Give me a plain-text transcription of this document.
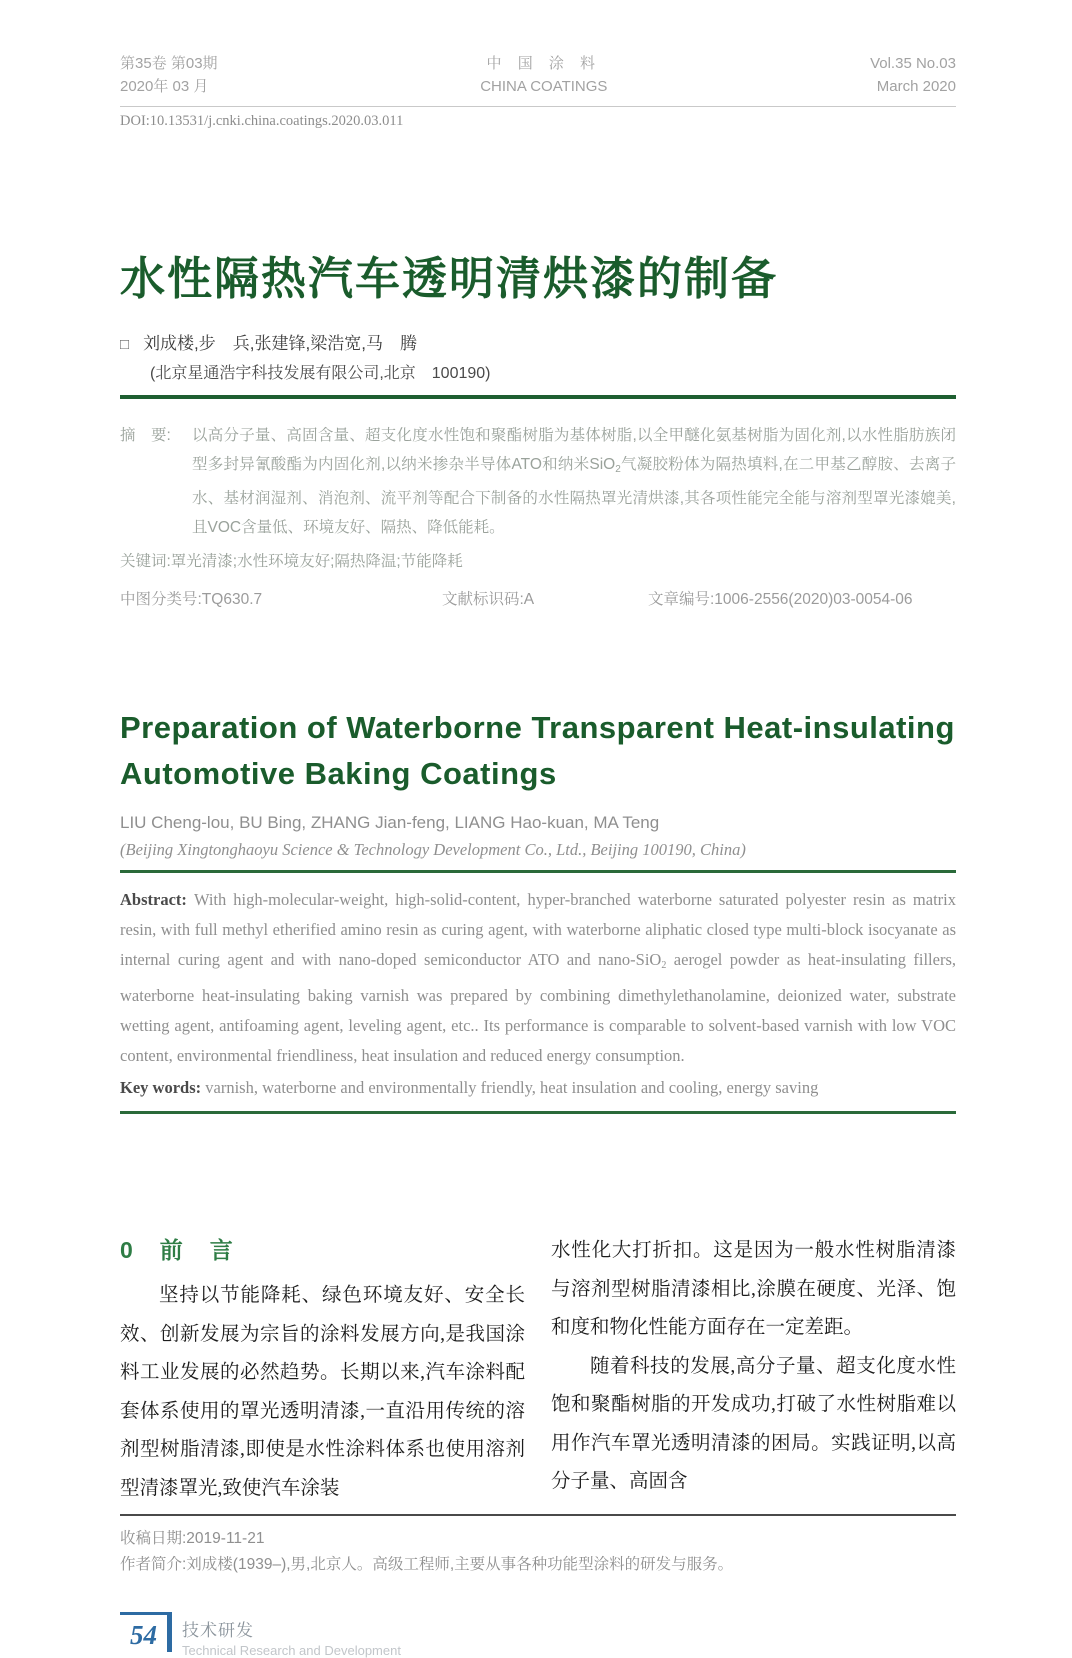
第35卷 第03期
2020年 03 月
中 国 涂 料
CHINA COATINGS
Vol.35 No.03
March 2020
DOI:10.13531/j.cnki.china.coatings.2020.03.011
水性隔热汽车透明清烘漆的制备
□ 刘成楼,步　兵,张建锋,梁浩宽,马　腾
(北京星通浩宇科技发展有限公司,北京　100190)
摘　要:	以高分子量、高固含量、超支化度水性饱和聚酯树脂为基体树脂,以全甲醚化氨基树脂为固化剂,以水性脂肪族闭型多封异氰酸酯为内固化剂,以纳米掺杂半导体ATO和纳米SiO$_2$气凝胶粉体为隔热填料,在二甲基乙醇胺、去离子水、基材润湿剂、消泡剂、流平剂等配合下制备的水性隔热罩光清烘漆,其各项性能完全能与溶剂型罩光漆媲美,且VOC含量低、环境友好、隔热、降低能耗。
关键词:罩光清漆;水性环境友好;隔热降温;节能降耗
中图分类号:TQ630.7	文献标识码:A	文章编号:1006-2556(2020)03-0054-06
Preparation of Waterborne Transparent Heat-insulating
Automotive Baking Coatings
LIU Cheng-lou, BU Bing, ZHANG Jian-feng, LIANG Hao-kuan, MA Teng
(Beijing Xingtonghaoyu Science & Technology Development Co., Ltd., Beijing 100190, China)
Abstract: With high-molecular-weight, high-solid-content, hyper-branched waterborne saturated polyester resin as matrix resin, with full methyl etherified amino resin as curing agent, with waterborne aliphatic closed type multi-block isocyanate as internal curing agent and with nano-doped semiconductor ATO and nano-SiO$_2$ aerogel powder as heat-insulating fillers, waterborne heat-insulating baking varnish was prepared by combining dimethylethanolamine, deionized water, substrate wetting agent, antifoaming agent, leveling agent, etc.. Its performance is comparable to solvent-based varnish with low VOC content, environmental friendliness, heat insulation and reduced energy consumption.
Key words: varnish, waterborne and environmentally friendly, heat insulation and cooling, energy saving
0　前　言

坚持以节能降耗、绿色环境友好、安全长效、创新发展为宗旨的涂料发展方向,是我国涂料工业发展的必然趋势。长期以来,汽车涂料配套体系使用的罩光透明清漆,一直沿用传统的溶剂型树脂清漆,即使是水性涂料体系也使用溶剂型清漆罩光,致使汽车涂装

水性化大打折扣。这是因为一般水性树脂清漆与溶剂型树脂清漆相比,涂膜在硬度、光泽、饱和度和物化性能方面存在一定差距。

随着科技的发展,高分子量、超支化度水性饱和聚酯树脂的开发成功,打破了水性树脂难以用作汽车罩光透明清漆的困局。实践证明,以高分子量、高固含

收稿日期:2019-11-21
作者简介:刘成楼(1939–),男,北京人。高级工程师,主要从事各种功能型涂料的研发与服务。
54	技术研发
Technical Research and Development
